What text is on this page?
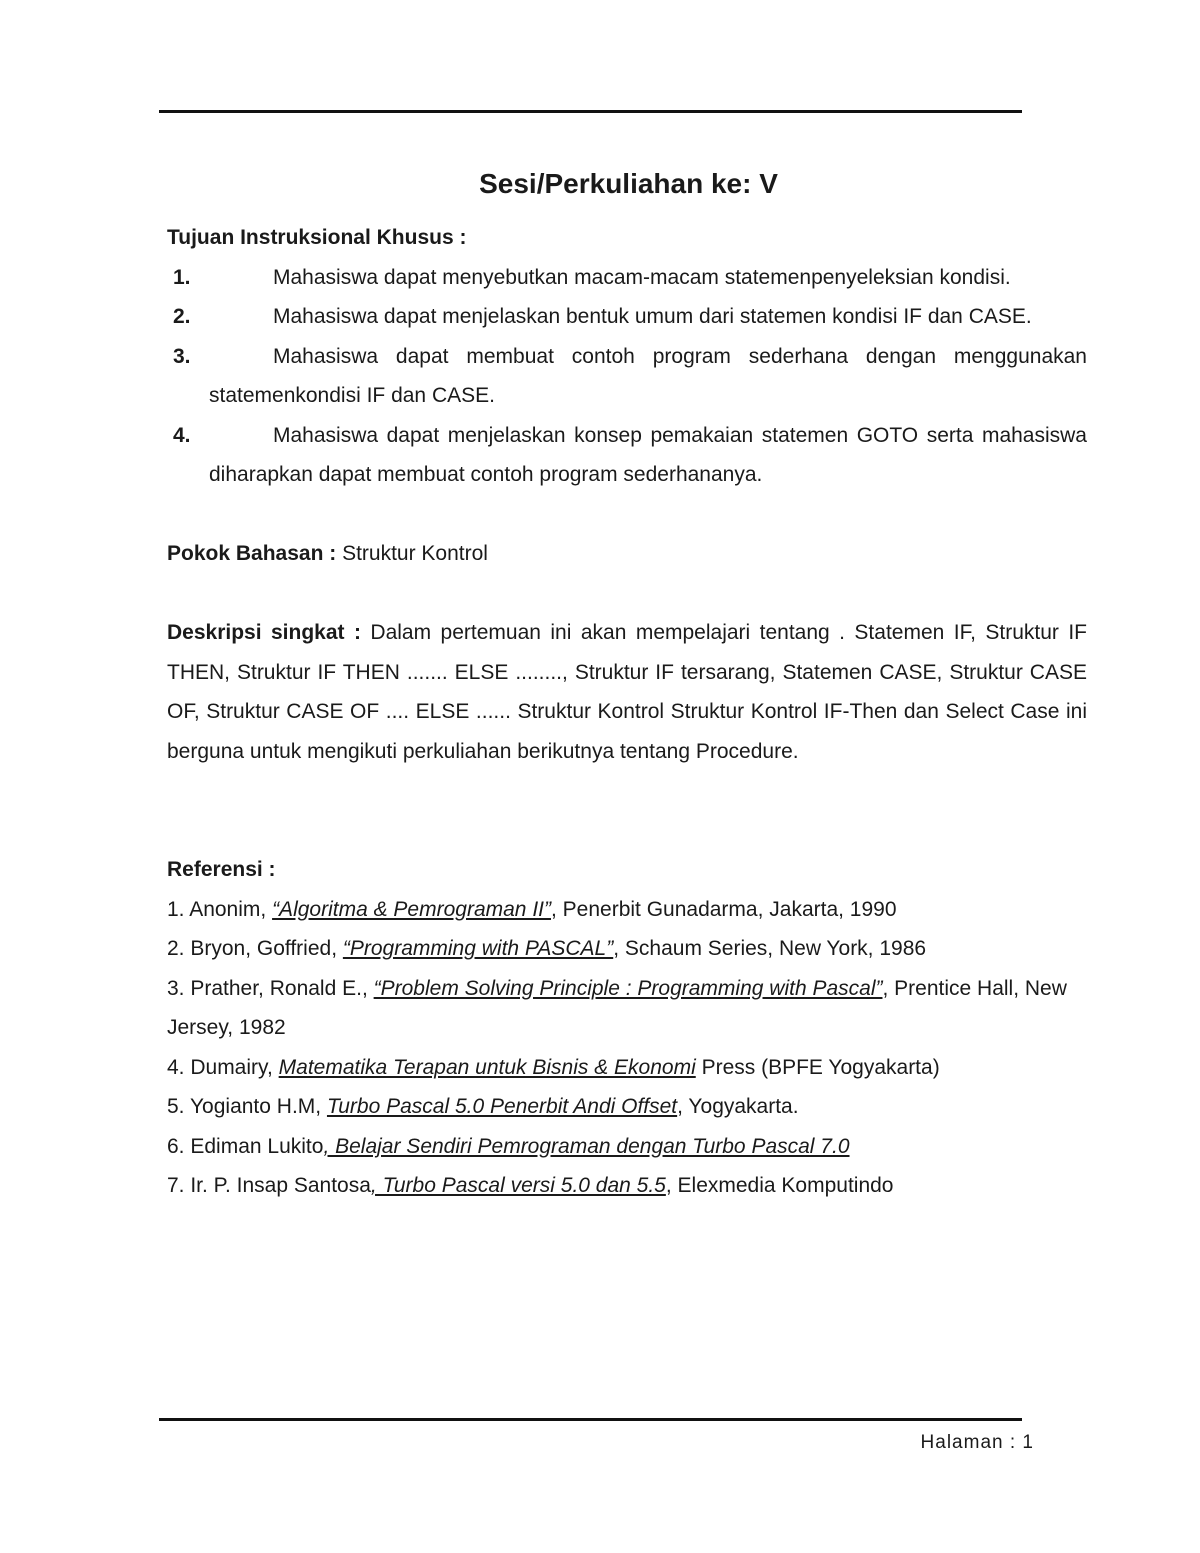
Sesi/Perkuliahan ke: V
Tujuan Instruksional Khusus :
1.	Mahasiswa dapat menyebutkan macam-macam statemenpenyeleksian kondisi.
2.	Mahasiswa dapat menjelaskan bentuk umum dari statemen kondisi IF dan CASE.
3.	Mahasiswa dapat membuat contoh program sederhana dengan menggunakan statemenkondisi IF dan CASE.
4.	Mahasiswa dapat menjelaskan konsep pemakaian statemen GOTO serta mahasiswa diharapkan dapat membuat contoh program sederhananya.

Pokok Bahasan : Struktur Kontrol

Deskripsi singkat : Dalam pertemuan ini akan mempelajari tentang . Statemen IF, Struktur IF THEN, Struktur IF THEN ....... ELSE ........, Struktur IF tersarang, Statemen CASE, Struktur CASE OF, Struktur CASE OF .... ELSE ...... Struktur Kontrol Struktur Kontrol IF-Then dan Select Case ini berguna untuk mengikuti perkuliahan berikutnya tentang Procedure.

Referensi :

1. Anonim, “Algoritma & Pemrograman II”, Penerbit Gunadarma, Jakarta, 1990

2. Bryon, Goffried, “Programming with PASCAL”, Schaum Series, New York, 1986

3. Prather, Ronald E., “Problem Solving Principle : Programming with Pascal”, Prentice Hall, New Jersey, 1982

4. Dumairy, Matematika Terapan untuk Bisnis & Ekonomi Press (BPFE Yogyakarta)

5. Yogianto H.M, Turbo Pascal 5.0 Penerbit Andi Offset, Yogyakarta.

6. Ediman Lukito, Belajar Sendiri Pemrograman dengan Turbo Pascal 7.0

7. Ir. P. Insap Santosa, Turbo Pascal versi 5.0 dan 5.5, Elexmedia Komputindo

Halaman : 1
